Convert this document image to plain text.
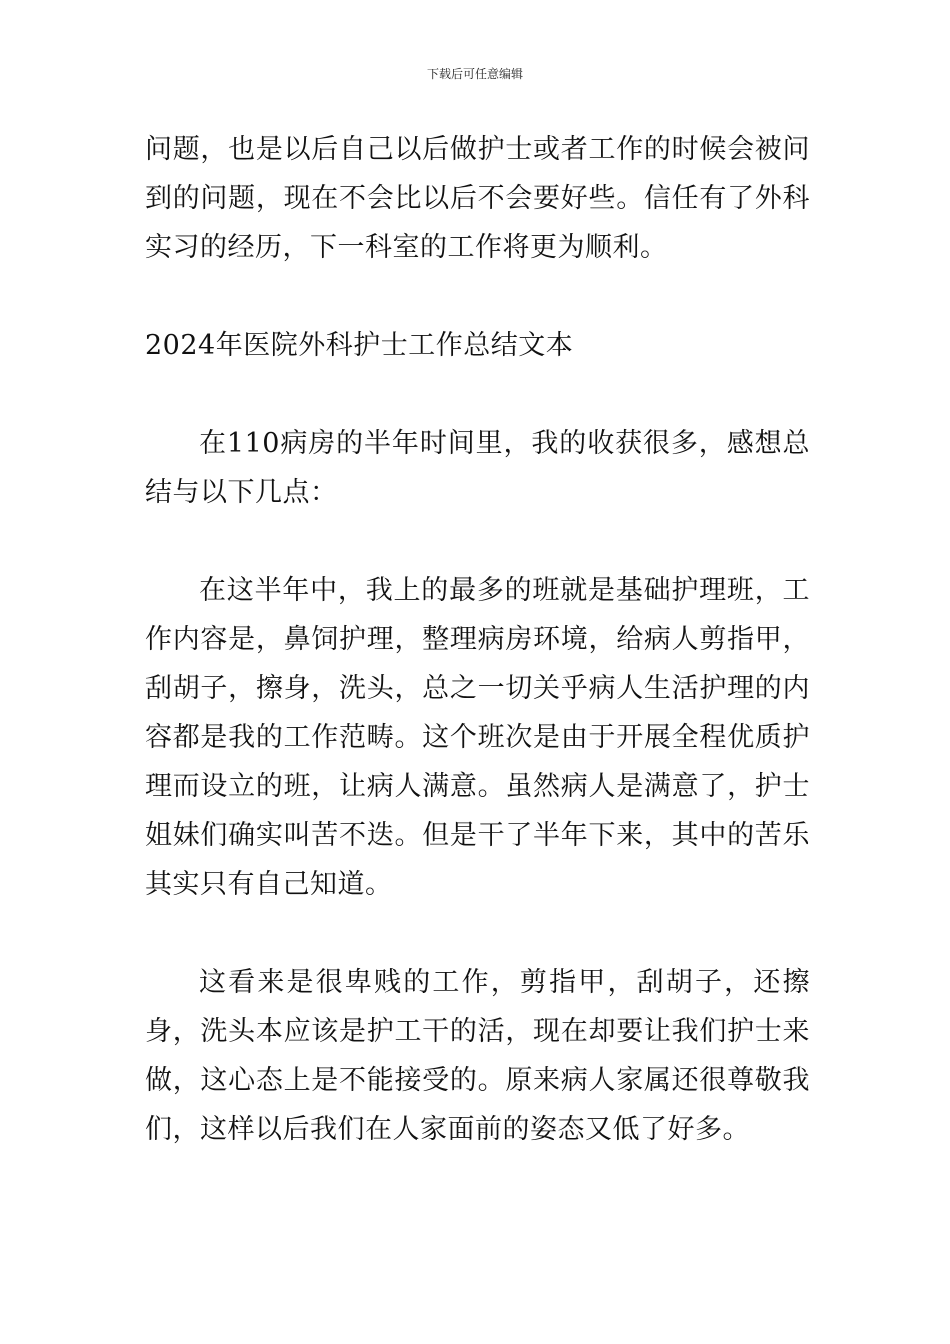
下载后可任意编辑

问题，也是以后自己以后做护士或者工作的时候会被问到的问题，现在不会比以后不会要好些。信任有了外科实习的经历，下一科室的工作将更为顺利。

2024年医院外科护士工作总结文本

在110病房的半年时间里，我的收获很多，感想总结与以下几点：

在这半年中，我上的最多的班就是基础护理班，工作内容是，鼻饲护理，整理病房环境，给病人剪指甲，刮胡子，擦身，洗头，总之一切关乎病人生活护理的内容都是我的工作范畴。这个班次是由于开展全程优质护理而设立的班，让病人满意。虽然病人是满意了，护士姐妹们确实叫苦不迭。但是干了半年下来，其中的苦乐其实只有自己知道。

这看来是很卑贱的工作，剪指甲，刮胡子，还擦身，洗头本应该是护工干的活，现在却要让我们护士来做，这心态上是不能接受的。原来病人家属还很尊敬我们，这样以后我们在人家面前的姿态又低了好多。
